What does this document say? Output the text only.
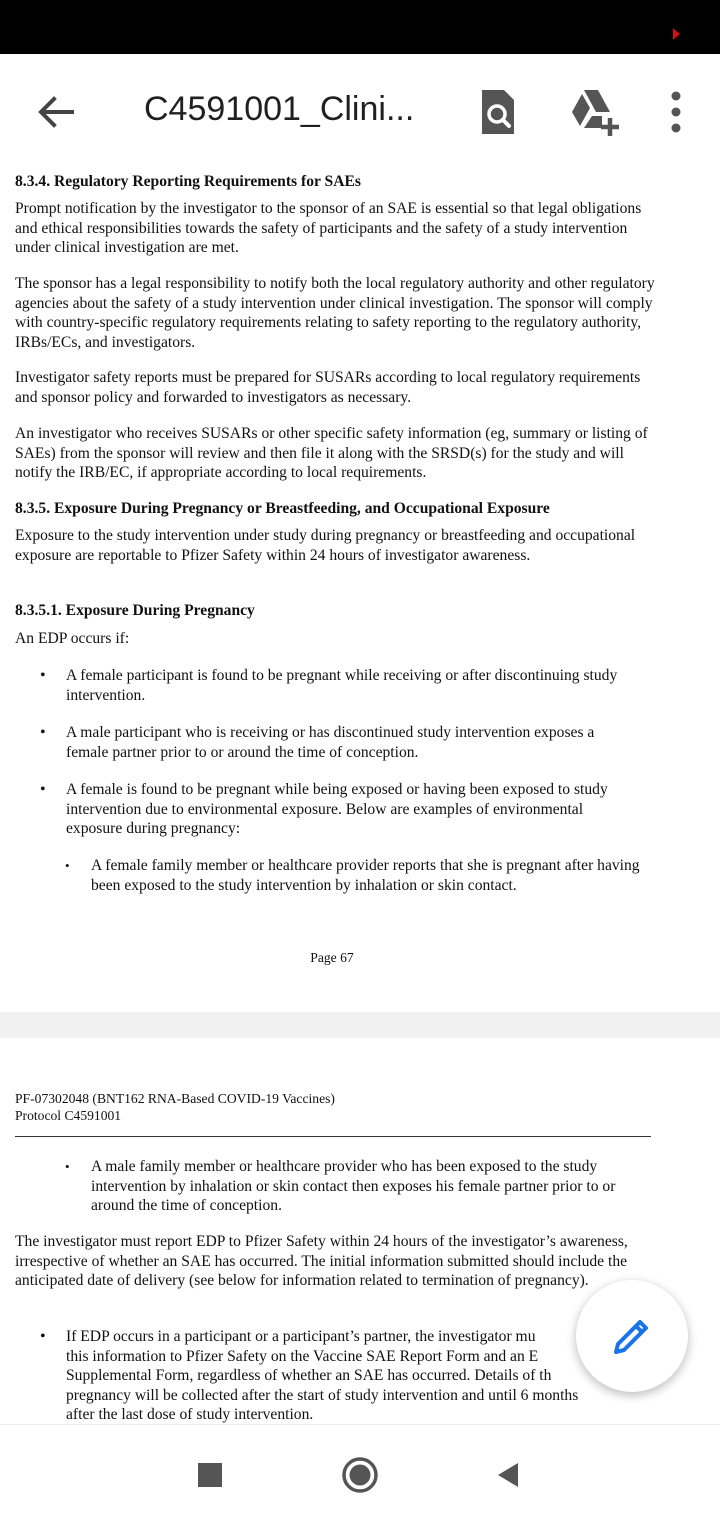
C4591001_Clini...
8.3.4. Regulatory Reporting Requirements for SAEs

Prompt notification by the investigator to the sponsor of an SAE is essential so that legal obligations and ethical responsibilities towards the safety of participants and the safety of a study intervention under clinical investigation are met.

The sponsor has a legal responsibility to notify both the local regulatory authority and other regulatory agencies about the safety of a study intervention under clinical investigation. The sponsor will comply with country-specific regulatory requirements relating to safety reporting to the regulatory authority, IRBs/ECs, and investigators.

Investigator safety reports must be prepared for SUSARs according to local regulatory requirements and sponsor policy and forwarded to investigators as necessary.

An investigator who receives SUSARs or other specific safety information (eg, summary or listing of SAEs) from the sponsor will review and then file it along with the SRSD(s) for the study and will notify the IRB/EC, if appropriate according to local requirements.

8.3.5. Exposure During Pregnancy or Breastfeeding, and Occupational Exposure

Exposure to the study intervention under study during pregnancy or breastfeeding and occupational exposure are reportable to Pfizer Safety within 24 hours of investigator awareness.

8.3.5.1. Exposure During Pregnancy

An EDP occurs if:

• A female participant is found to be pregnant while receiving or after discontinuing study intervention.
• A male participant who is receiving or has discontinued study intervention exposes a female partner prior to or around the time of conception.
• A female is found to be pregnant while being exposed or having been exposed to study intervention due to environmental exposure. Below are examples of environmental exposure during pregnancy:
• A female family member or healthcare provider reports that she is pregnant after having been exposed to the study intervention by inhalation or skin contact.
Page 67
PF-07302048 (BNT162 RNA-Based COVID-19 Vaccines)
Protocol C4591001
• A male family member or healthcare provider who has been exposed to the study intervention by inhalation or skin contact then exposes his female partner prior to or around the time of conception.

The investigator must report EDP to Pfizer Safety within 24 hours of the investigator’s awareness, irrespective of whether an SAE has occurred. The initial information submitted should include the anticipated date of delivery (see below for information related to termination of pregnancy).

• If EDP occurs in a participant or a participant’s partner, the investigator mu
this information to Pfizer Safety on the Vaccine SAE Report Form and an E
Supplemental Form, regardless of whether an SAE has occurred. Details of th
pregnancy will be collected after the start of study intervention and until 6 months
after the last dose of study intervention.
